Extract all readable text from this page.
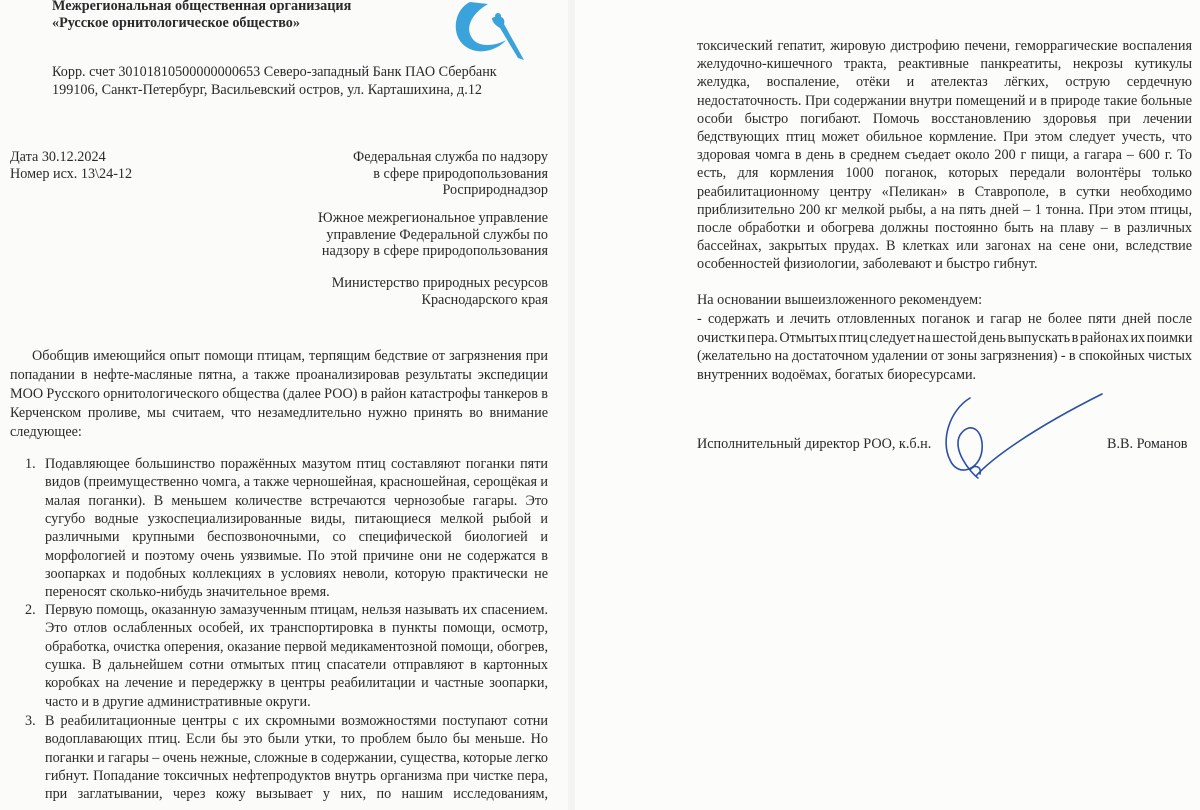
Межрегиональная общественная организация
«Русское орнитологическое общество»
Корр. счет 30101810500000000653 Северо-западный Банк ПАО Сбербанк
199106, Санкт-Петербург, Васильевский остров, ул. Карташихина, д.12
Дата 30.12.2024
Номер исх. 13\24-12
Федеральная служба по надзору
в сфере природопользования
Росприроднадзор
Южное межрегиональное управление
управление Федеральной службы по
надзору в сфере природопользования
Министерство природных ресурсов
Краснодарского края
Обобщив имеющийся опыт помощи птицам, терпящим бедствие от загрязнения при
попадании в нефте-масляные пятна, а также проанализировав результаты экспедиции
МОО Русского орнитологического общества (далее РОО) в район катастрофы танкеров в
Керченском проливе, мы считаем, что незамедлительно нужно принять во внимание
следующее:
1. Подавляющее большинство поражённых мазутом птиц составляют поганки пяти
видов (преимущественно чомга, а также черношейная, красношейная, серощёкая и
малая поганки). В меньшем количестве встречаются чернозобые гагары. Это
сугубо водные узкоспециализированные виды, питающиеся мелкой рыбой и
различными крупными беспозвоночными, со специфической биологией и
морфологией и поэтому очень уязвимые. По этой причине они не содержатся в
зоопарках и подобных коллекциях в условиях неволи, которую практически не
переносят сколько-нибудь значительное время.
2. Первую помощь, оказанную замазученным птицам, нельзя называть их спасением.
Это отлов ослабленных особей, их транспортировка в пункты помощи, осмотр,
обработка, очистка оперения, оказание первой медикаментозной помощи, обогрев,
сушка. В дальнейшем сотни отмытых птиц спасатели отправляют в картонных
коробках на лечение и передержку в центры реабилитации и частные зоопарки,
часто и в другие административные округи.
3. В реабилитационные центры с их скромными возможностями поступают сотни
водоплавающих птиц. Если бы это были утки, то проблем было бы меньше. Но
поганки и гагары – очень нежные, сложные в содержании, существа, которые легко
гибнут. Попадание токсичных нефтепродуктов внутрь организма при чистке пера,
при заглатывании, через кожу вызывает у них, по нашим исследованиям,
токсический гепатит, жировую дистрофию печени, геморрагические воспаления
желудочно-кишечного тракта, реактивные панкреатиты, некрозы кутикулы
желудка, воспаление, отёки и ателектаз лёгких, острую сердечную
недостаточность. При содержании внутри помещений и в природе такие больные
особи быстро погибают. Помочь восстановлению здоровья при лечении
бедствующих птиц может обильное кормление. При этом следует учесть, что
здоровая чомга в день в среднем съедает около 200 г пищи, а гагара – 600 г. То
есть, для кормления 1000 поганок, которых передали волонтёры только
реабилитационному центру «Пеликан» в Ставрополе, в сутки необходимо
приблизительно 200 кг мелкой рыбы, а на пять дней – 1 тонна. При этом птицы,
после обработки и обогрева должны постоянно быть на плаву – в различных
бассейнах, закрытых прудах. В клетках или загонах на сене они, вследствие
особенностей физиологии, заболевают и быстро гибнут.
На основании вышеизложенного рекомендуем:
- содержать и лечить отловленных поганок и гагар не более пяти дней после
очистки пера. Отмытых птиц следует на шестой день выпускать в районах их поимки
(желательно на достаточном удалении от зоны загрязнения) - в спокойных чистых
внутренних водоёмах, богатых биоресурсами.
Исполнительный директор РОО, к.б.н.	В.В. Романов
